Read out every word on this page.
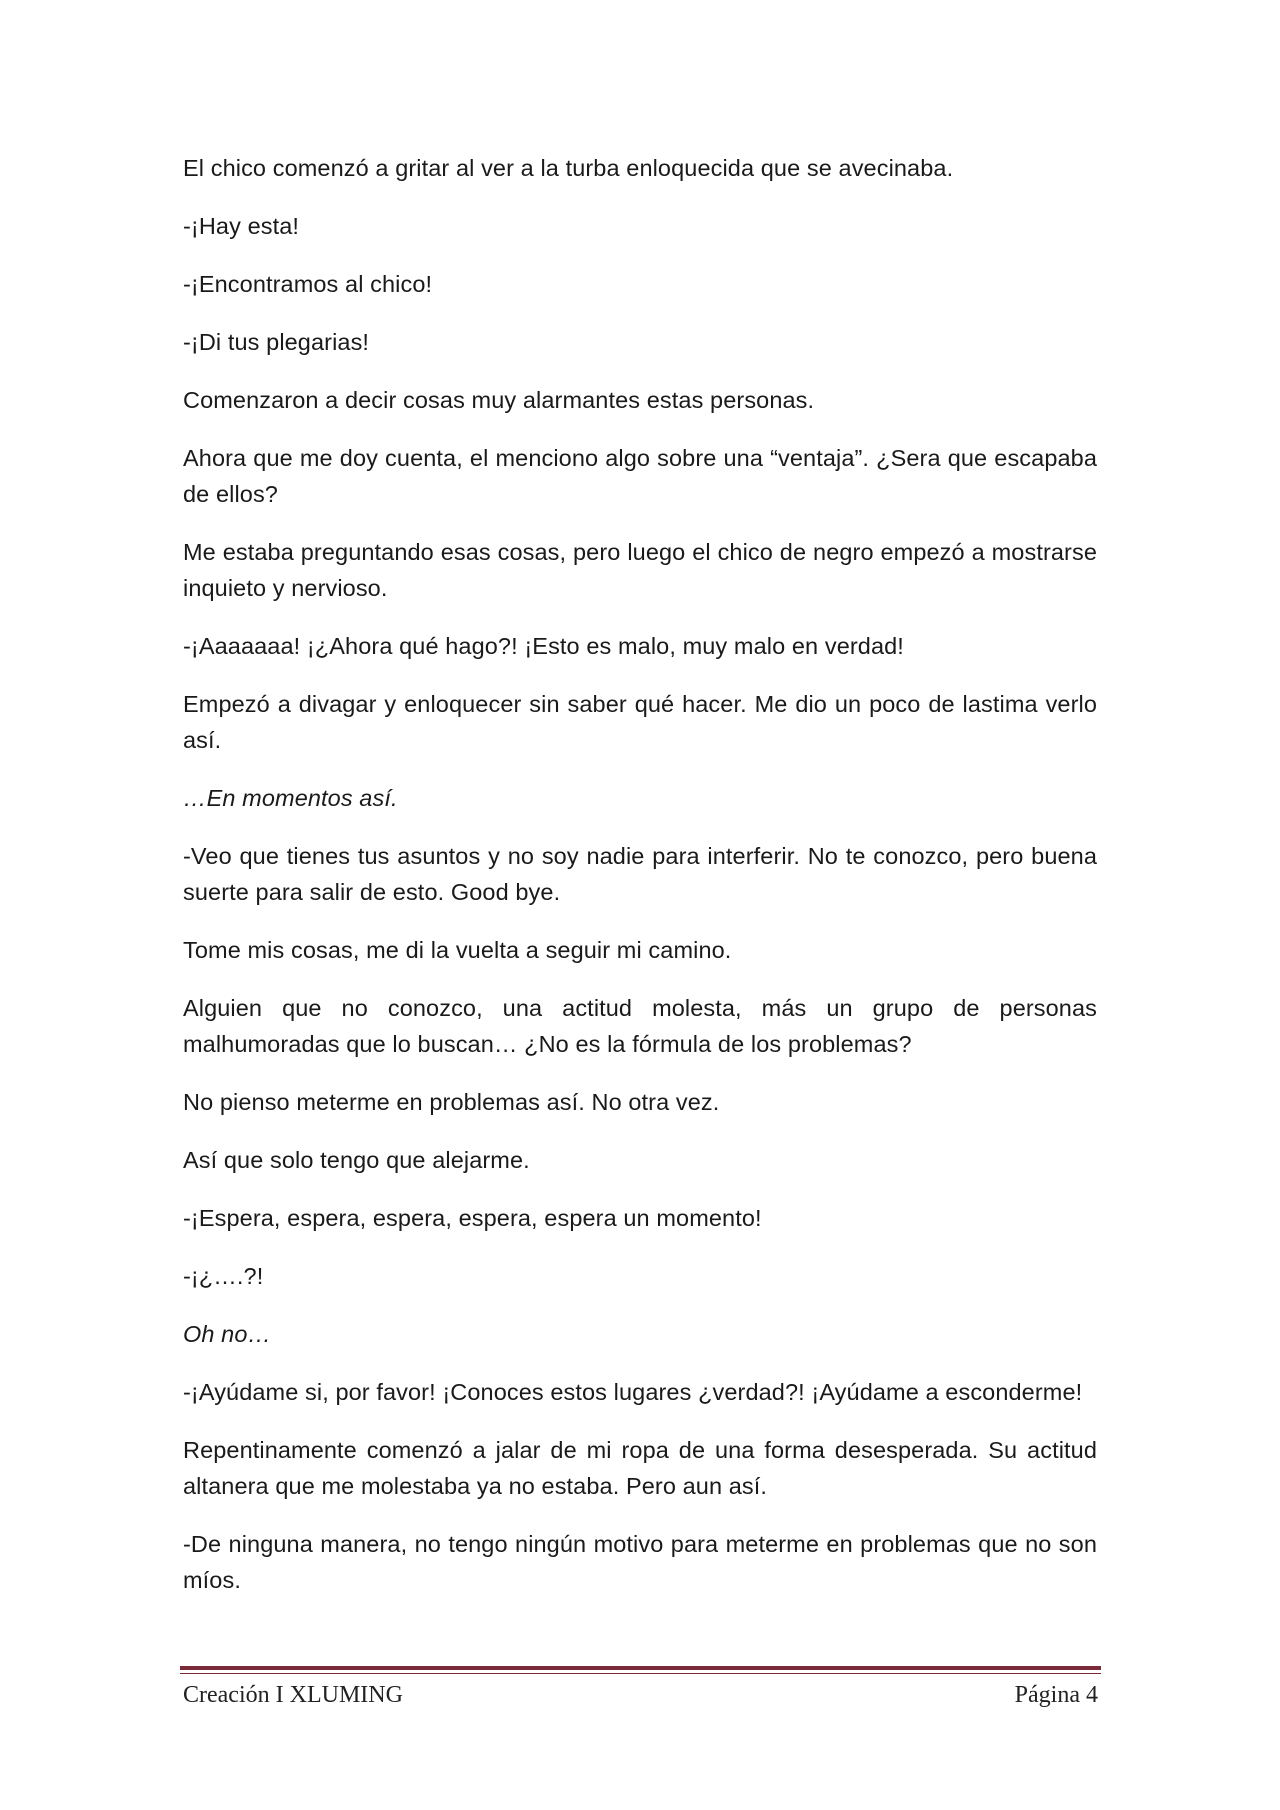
El chico comenzó a gritar al ver a la turba enloquecida que se avecinaba.

-¡Hay esta!

-¡Encontramos al chico!

-¡Di tus plegarias!

Comenzaron a decir cosas muy alarmantes estas personas.

Ahora que me doy cuenta, el menciono algo sobre una “ventaja”. ¿Sera que escapaba de ellos?

Me estaba preguntando esas cosas, pero luego el chico de negro empezó a mostrarse inquieto y nervioso.

-¡Aaaaaaa! ¡¿Ahora qué hago?! ¡Esto es malo, muy malo en verdad!

Empezó a divagar y enloquecer sin saber qué hacer. Me dio un poco de lastima verlo así.

…En momentos así.

-Veo que tienes tus asuntos y no soy nadie para interferir. No te conozco, pero buena suerte para salir de esto. Good bye.

Tome mis cosas, me di la vuelta a seguir mi camino.

Alguien que no conozco, una actitud molesta, más un grupo de personas malhumoradas que lo buscan… ¿No es la fórmula de los problemas?

No pienso meterme en problemas así. No otra vez.

Así que solo tengo que alejarme.

-¡Espera, espera, espera, espera, espera un momento!

-¡¿….?!

Oh no…

-¡Ayúdame si, por favor! ¡Conoces estos lugares ¿verdad?! ¡Ayúdame a esconderme!

Repentinamente comenzó a jalar de mi ropa de una forma desesperada. Su actitud altanera que me molestaba ya no estaba. Pero aun así.

-De ninguna manera, no tengo ningún motivo para meterme en problemas que no son míos.

Creación I XLUMING	Página 4
